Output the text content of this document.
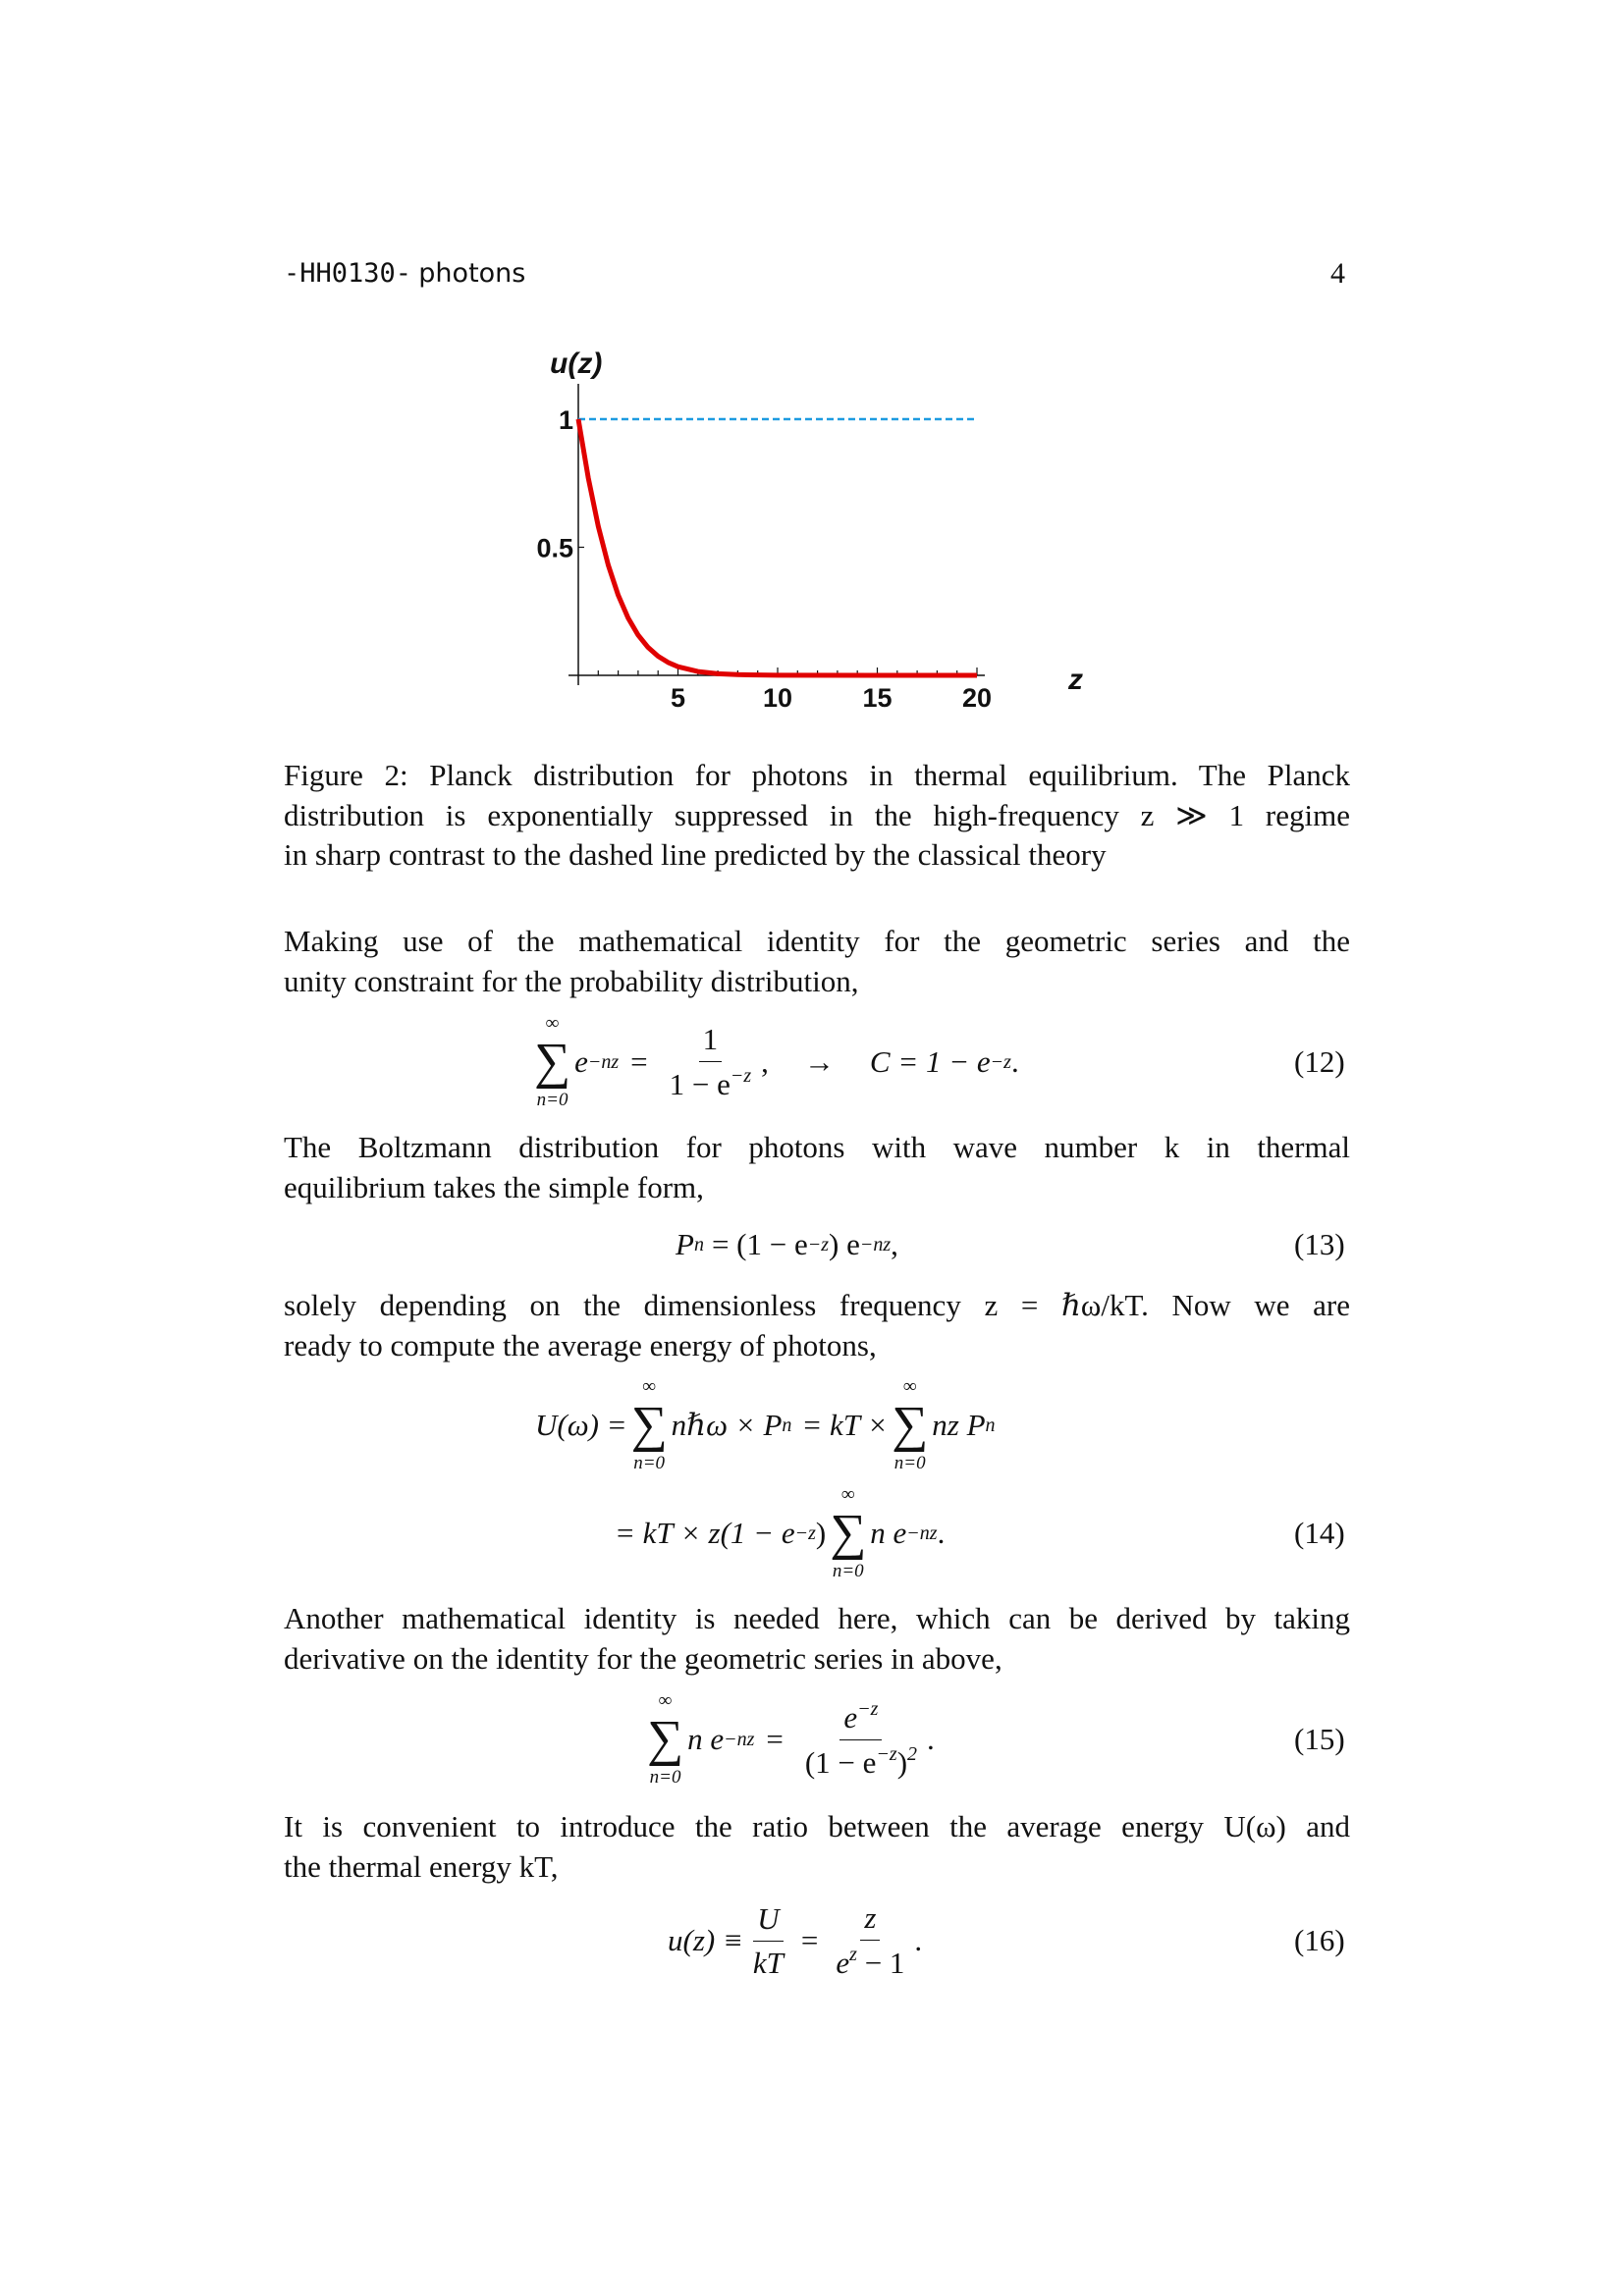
-HH0130- photons	4
u(z)
z
5	10	15	20
0.5
1
Figure 2: Planck distribution for photons in thermal equilibrium. The Planck
distribution is exponentially suppressed in the high-frequency z ≫ 1 regime
in sharp contrast to the dashed line predicted by the classical theory
Making use of the mathematical identity for the geometric series and the
unity constraint for the probability distribution,
∞
∑
n=0
$e -nz = \frac{1}{1 - e^{-z}}$ , → C = 1 − e −z .	(12)
The Boltzmann distribution for photons with wave number k in thermal
equilibrium takes the simple form,
P n = (1 − e −z ) e −nz ,	(13)
solely depending on the dimensionless frequency z = ℏω/kT. Now we are
ready to compute the average energy of photons,
U(ω) =
∞
∑
n=0
nℏω × P n = kT ×
∞
∑
n=0
nz P n
= kT × z(1 − e −z )
∞
∑
n=0
n e −nz .	(14)
Another mathematical identity is needed here, which can be derived by taking
derivative on the identity for the geometric series in above,
∞
∑
n=0
n $e -nz = \frac{e^{-z}}{(1 - e^{-z})^2}$ .	(15)
It is convenient to introduce the ratio between the average energy U(ω) and
the thermal energy kT,
$u(z) \equiv \frac{U}{kT} = \frac{z}{e^z - 1}$ .	(16)
